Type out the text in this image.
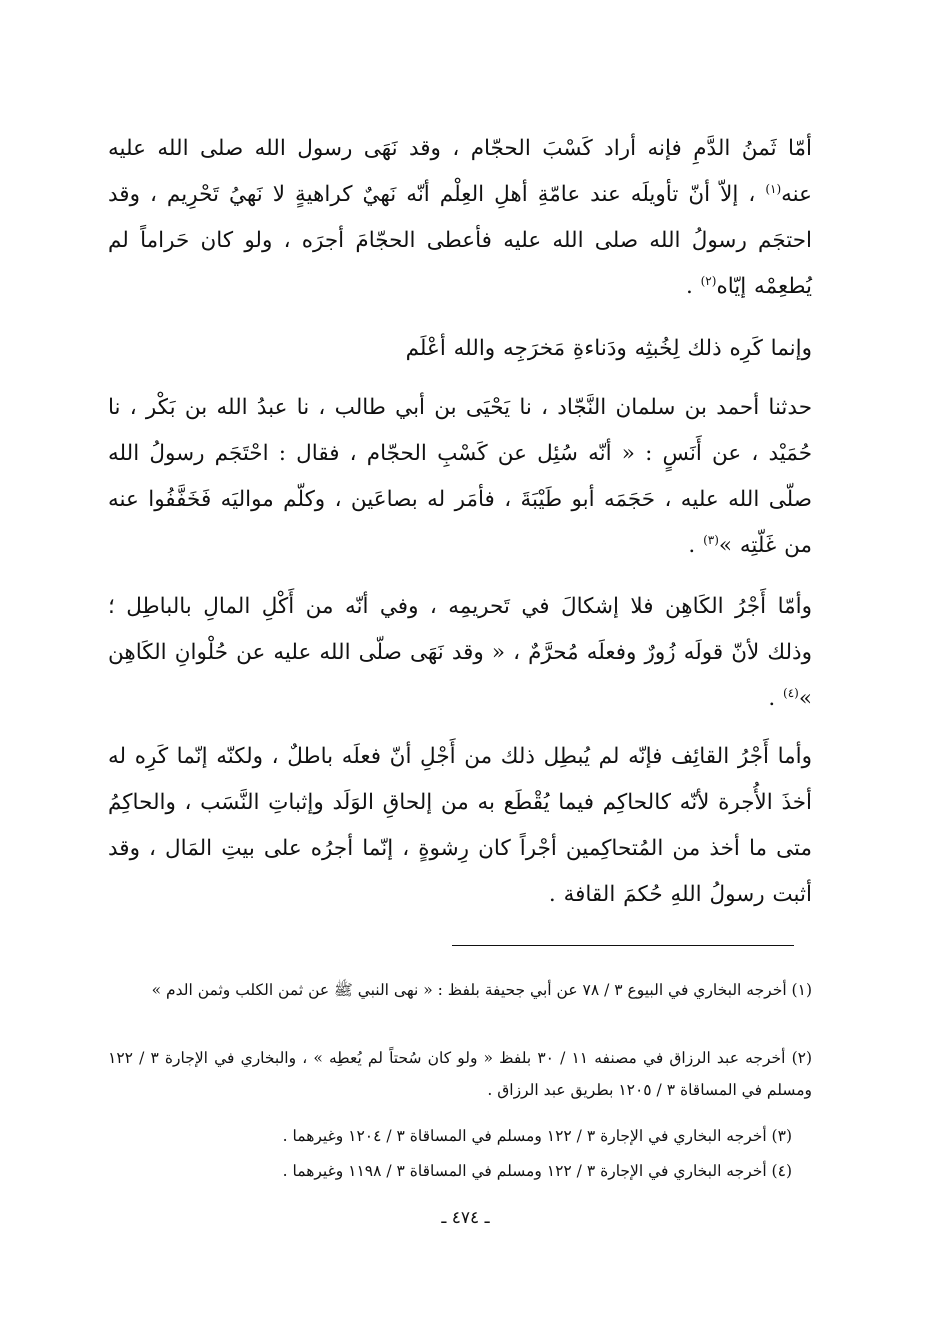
أمّا ثَمنُ الدَّمِ فإنه أراد كَسْبَ الحجّام ، وقد نَهَى رسول الله صلى الله عليه عنه$^{(١)}$ ، إلاّ أنّ تأويلَه عند عامّةِ أهلِ العِلْم أنّه نَهيٌ كراهيةٍ لا نَهيُ تَحْرِيم ، وقد احتجَم رسولُ الله صلى الله عليه فأعطى الحجّامَ أجرَه ، ولو كان حَراماً لم يُطعِمْه إيّاه$^{(٢)}$ .

وإنما كَرِه ذلك لِخُبثِه ودَناءةِ مَخرَجِه والله أعْلَم

حدثنا أحمد بن سلمان النَّجّاد ، نا يَحْيَى بن أبي طالب ، نا عبدُ الله بن بَكْر ، نا حُمَيْد ، عن أَنَسٍ : « أنّه سُئِل عن كَسْبِ الحجّام ، فقال : احْتَجَم رسولُ الله صلّى الله عليه ، حَجَمَه أبو طَيْبَةَ ، فأمَر له بصاعَين ، وكلّم مواليَه فَخَفَّفُوا عنه من غَلّتِه »$^{(٣)}$ .

وأمّا أَجْرُ الكَاهِن فلا إشكالَ في تَحريمِه ، وفي أنّه من أَكْلِ المالِ بالباطِل ؛ وذلك لأنّ قولَه زُورٌ وفعلَه مُحرَّمٌ ، « وقد نَهَى صلّى الله عليه عن حُلْوانِ الكَاهِن »$^{(٤)}$ .

وأما أَجْرُ القائِف فإنّه لم يُبطِل ذلك من أَجْلِ أنّ فعلَه باطلٌ ، ولكنّه إنّما كَرِه له أخذَ الأُجرة لأنّه كالحاكِم فيما يُقْطَع به من إلحاقِ الوَلَد وإثباتِ النَّسَب ، والحاكِمُ متى ما أخذ من المُتحاكِمين أجْراً كان رِشوةٍ ، إنّما أجرُه على بيتِ المَال ، وقد أثبت رسولُ اللهِ حُكمَ القافة .

(١) أخرجه البخاري في البيوع ٣ / ٧٨ عن أبي جحيفة بلفظ : « نهى النبي ﷺ عن ثمن الكلب وثمن الدم »

(٢) أخرجه عبد الرزاق في مصنفه ١١ / ٣٠ بلفظ « ولو كان سُحتاً لم يُعطِه » ، والبخاري في الإجارة ٣ / ١٢٢ ومسلم في المساقاة ٣ / ١٢٠٥ بطريق عبد الرزاق .

(٣) أخرجه البخاري في الإجارة ٣ / ١٢٢ ومسلم في المساقاة ٣ / ١٢٠٤ وغيرهما .

(٤) أخرجه البخاري في الإجارة ٣ / ١٢٢ ومسلم في المساقاة ٣ / ١١٩٨ وغيرهما .

ـ ٤٧٤ ـ
